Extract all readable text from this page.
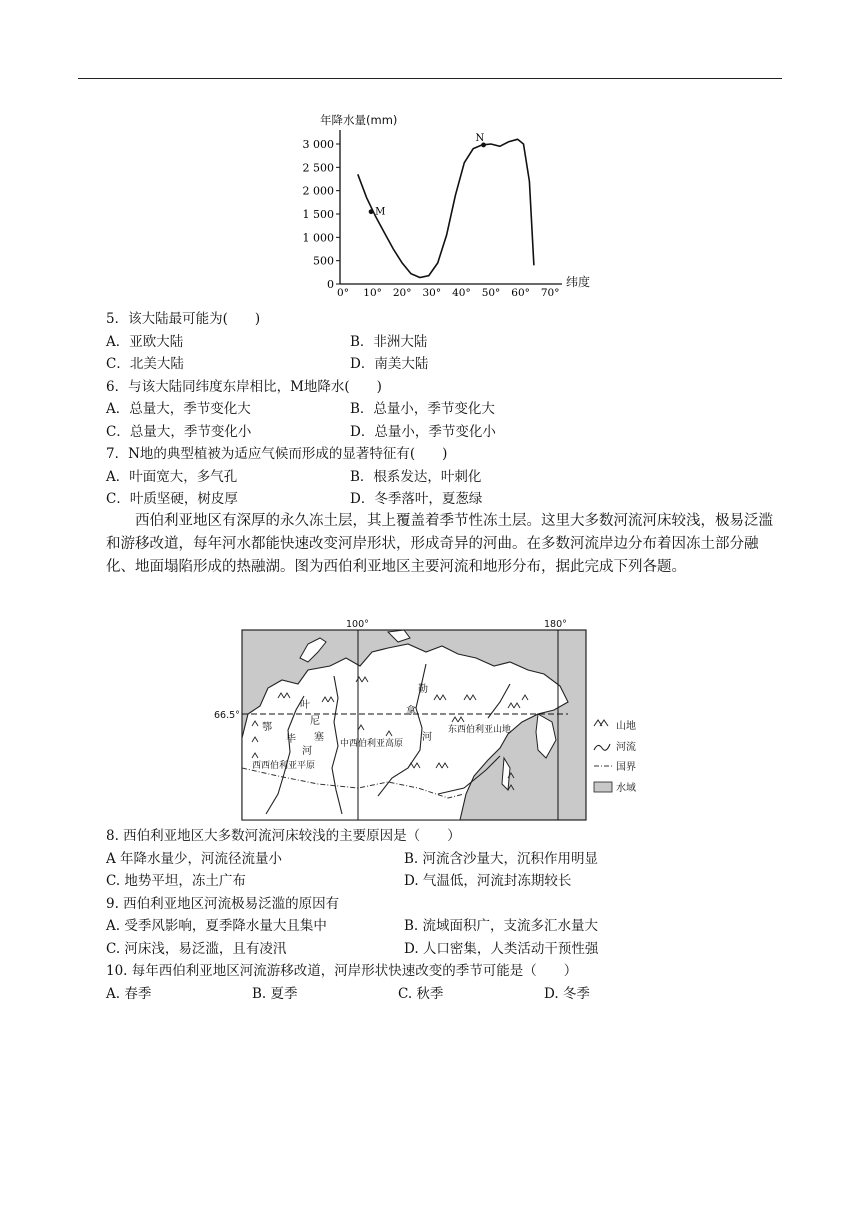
年降水量(mm)
纬度
0
500
1 000
1 500
2 000
2 500
3 000
0° 10° 20° 30° 40° 50° 60° 70°
M
N
5．该大陆最可能为(　　)
A．亚欧大陆	B．非洲大陆
C．北美大陆	D．南美大陆
6．与该大陆同纬度东岸相比，M地降水(　　)
A．总量大，季节变化大	B．总量小，季节变化大
C．总量大，季节变化小	D．总量小，季节变化小
7．N地的典型植被为适应气候而形成的显著特征有(　　)
A．叶面宽大，多气孔	B．根系发达，叶刺化
C．叶质坚硬，树皮厚	D．冬季落叶，夏葱绿

西伯利亚地区有深厚的永久冻土层，其上覆盖着季节性冻土层。这里大多数河流河床较浅，极易泛滥和游移改道，每年河水都能快速改变河岸形状，形成奇异的河曲。在多数河流岸边分布着因冻土部分融化、地面塌陷形成的热融湖。图为西伯利亚地区主要河流和地形分布，据此完成下列各题。

100°	180°
66.5°
叶
尼
鄂
毕 塞
河
勒
拿
河
西西伯利亚平原
中西伯利亚高原
东西伯利亚山地	山地
河流
国界
水域
8. 西伯利亚地区大多数河流河床较浅的主要原因是（　　）
A 年降水量少，河流径流量小	B. 河流含沙量大，沉积作用明显
C. 地势平坦，冻土广布	D. 气温低，河流封冻期较长
9. 西伯利亚地区河流极易泛滥的原因有
A. 受季风影响，夏季降水量大且集中	B. 流域面积广，支流多汇水量大
C. 河床浅，易泛滥，且有凌汛	D. 人口密集，人类活动干预性强
10. 每年西伯利亚地区河流游移改道，河岸形状快速改变的季节可能是（　　）
A. 春季	B. 夏季	C. 秋季	D. 冬季
